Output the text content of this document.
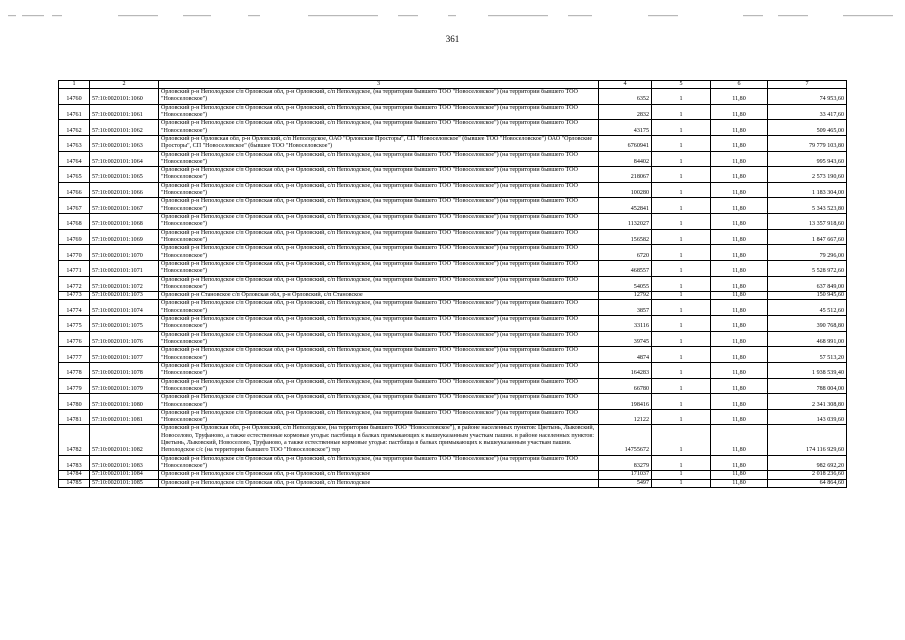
361
1	2	3	4	5	6	7
14760	57:10:0020101:1060	Орловский р-н Неполодское с/п Орловская обл, р-н Орловский, с/п Неполодское, (на территории бывшего ТОО "Новоселовское") (на территории бывшего ТОО "Новоселовское")	6352	1	11,80	74 953,60
14761	57:10:0020101:1061	Орловский р-н Неполодское с/п Орловская обл, р-н Орловский, с/п Неполодское, (на территории бывшего ТОО "Новоселовское") (на территории бывшего ТОО "Новоселовское")	2832	1	11,80	33 417,60
14762	57:10:0020101:1062	Орловский р-н Неполодское с/п Орловская обл, р-н Орловский, с/п Неполодское, (на территории бывшего ТОО "Новоселовское") (на территории бывшего ТОО "Новоселовское")	43175	1	11,80	509 465,00
14763	57:10:0020101:1063	Орловский р-н Орловская обл, р-н Орловский, с/п Неполодское, ОАО "Орловские Просторы", СП "Новоселовское" (бывшее ТОО "Новоселовское") ОАО "Орловские Просторы", СП "Новоселовское" (бывшее ТОО "Новоселовское")	6760941	1	11,80	79 779 103,80
14764	57:10:0020101:1064	Орловский р-н Неполодское с/п Орловская обл, р-н Орловский, с/п Неполодское, (на территории бывшего ТОО "Новоселовское") (на территории бывшего ТОО "Новоселовское")	84402	1	11,80	995 943,60
14765	57:10:0020101:1065	Орловский р-н Неполодское с/п Орловская обл, р-н Орловский, с/п Неполодское, (на территории бывшего ТОО "Новоселовское") (на территории бывшего ТОО "Новоселовское")	218067	1	11,80	2 573 190,60
14766	57:10:0020101:1066	Орловский р-н Неполодское с/п Орловская обл, р-н Орловский, с/п Неполодское, (на территории бывшего ТОО "Новоселовское") (на территории бывшего ТОО "Новоселовское")	100280	1	11,80	1 183 304,00
14767	57:10:0020101:1067	Орловский р-н Неполодское с/п Орловская обл, р-н Орловский, с/п Неполодское, (на территории бывшего ТОО "Новоселовское") (на территории бывшего ТОО "Новоселовское")	452841	1	11,80	5 343 523,80
14768	57:10:0020101:1068	Орловский р-н Неполодское с/п Орловская обл, р-н Орловский, с/п Неполодское, (на территории бывшего ТОО "Новоселовское") (на территории бывшего ТОО "Новоселовское")	1132027	1	11,80	13 357 918,60
14769	57:10:0020101:1069	Орловский р-н Неполодское с/п Орловская обл, р-н Орловский, с/п Неполодское, (на территории бывшего ТОО "Новоселовское") (на территории бывшего ТОО "Новоселовское")	156582	1	11,80	1 847 667,60
14770	57:10:0020101:1070	Орловский р-н Неполодское с/п Орловская обл, р-н Орловский, с/п Неполодское, (на территории бывшего ТОО "Новоселовское") (на территории бывшего ТОО "Новоселовское")	6720	1	11,80	79 296,00
14771	57:10:0020101:1071	Орловский р-н Неполодское с/п Орловская обл, р-н Орловский, с/п Неполодское, (на территории бывшего ТОО "Новоселовское") (на территории бывшего ТОО "Новоселовское")	468557	1	11,80	5 528 972,60
14772	57:10:0020101:1072	Орловский р-н Неполодское с/п Орловская обл, р-н Орловский, с/п Неполодское, (на территории бывшего ТОО "Новоселовское") (на территории бывшего ТОО "Новоселовское")	54055	1	11,80	637 849,00
14773	57:10:0020101:1073	Орловский р-н Становское с/п Орловская обл, р-н Орловский, с/п Становское	12792	1	11,80	150 945,60
14774	57:10:0020101:1074	Орловский р-н Неполодское с/п Орловская обл, р-н Орловский, с/п Неполодское, (на территории бывшего ТОО "Новоселовское") (на территории бывшего ТОО "Новоселовское")	3857	1	11,80	45 512,60
14775	57:10:0020101:1075	Орловский р-н Неполодское с/п Орловская обл, р-н Орловский, с/п Неполодское, (на территории бывшего ТОО "Новоселовское") (на территории бывшего ТОО "Новоселовское")	33116	1	11,80	390 768,80
14776	57:10:0020101:1076	Орловский р-н Неполодское с/п Орловская обл, р-н Орловский, с/п Неполодское, (на территории бывшего ТОО "Новоселовское") (на территории бывшего ТОО "Новоселовское")	39745	1	11,80	468 991,00
14777	57:10:0020101:1077	Орловский р-н Неполодское с/п Орловская обл, р-н Орловский, с/п Неполодское, (на территории бывшего ТОО "Новоселовское") (на территории бывшего ТОО "Новоселовское")	4874	1	11,80	57 513,20
14778	57:10:0020101:1078	Орловский р-н Неполодское с/п Орловская обл, р-н Орловский, с/п Неполодское, (на территории бывшего ТОО "Новоселовское") (на территории бывшего ТОО "Новоселовское")	164283	1	11,80	1 938 539,40
14779	57:10:0020101:1079	Орловский р-н Неполодское с/п Орловская обл, р-н Орловский, с/п Неполодское, (на территории бывшего ТОО "Новоселовское") (на территории бывшего ТОО "Новоселовское")	66780	1	11,80	788 004,00
14780	57:10:0020101:1080	Орловский р-н Неполодское с/п Орловская обл, р-н Орловский, с/п Неполодское, (на территории бывшего ТОО "Новоселовское") (на территории бывшего ТОО "Новоселовское")	198416	1	11,80	2 341 308,80
14781	57:10:0020101:1081	Орловский р-н Неполодское с/п Орловская обл, р-н Орловский, с/п Неполодское, (на территории бывшего ТОО "Новоселовское") (на территории бывшего ТОО "Новоселовское")	12122	1	11,80	143 039,60
14782	57:10:0020101:1082	Орловский р-н Орловская обл, р-н Орловский, с/п Неполодское, (на территории бывшего ТОО "Новоселовское"), в районе населенных пунктов: Цветынь, Лыковский, Новоселово, Труфаново, а также естественные кормовые угодья: пастбища в балках примыкающих к вышеуказанным участкам пашни. в районе населенных пунктов: Цветынь, Лыковский, Новоселово, Труфаново, а также естественные кормовые угодья: пастбища в балках примыкающих к вышеуказанным участкам пашни. Неполодское с/с (на территории бывшего ТОО "Новоселовское") тер	14755672	1	11,80	174 116 929,60
14783	57:10:0020101:1083	Орловский р-н Неполодское с/п Орловская обл, р-н Орловский, с/п Неполодское, (на территории бывшего ТОО "Новоселовское") (на территории бывшего ТОО "Новоселовское")	83279	1	11,80	982 692,20
14784	57:10:0020101:1084	Орловский р-н Неполодское с/п Орловская обл, р-н Орловский, с/п Неполодское	171037	1	11,80	2 018 236,60
14785	57:10:0020101:1085	Орловский р-н Неполодское с/п Орловская обл, р-н Орловский, с/п Неполодское	5497	1	11,80	64 864,60
